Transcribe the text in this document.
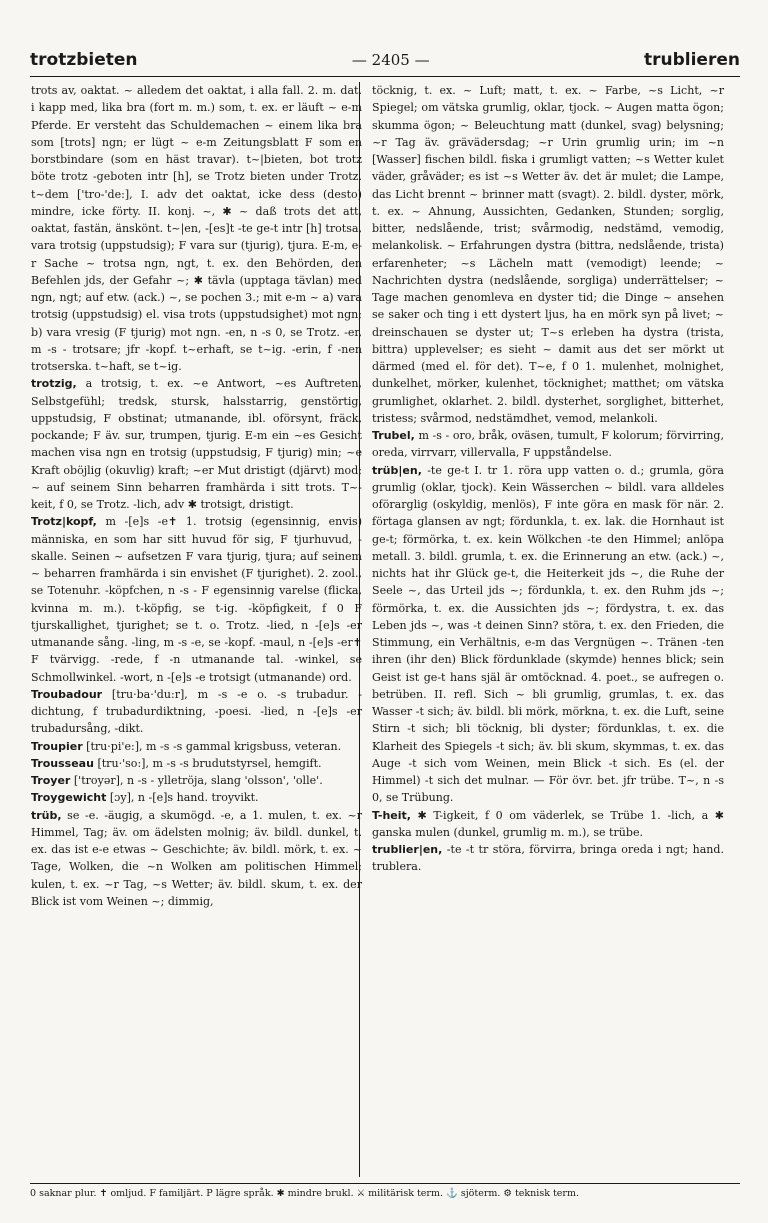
trotzbieten	— 2405 —	trublieren

trots av, oaktat. ~ alledem det oaktat, i alla fall. 2. m. dat. i kapp med, lika bra (fort m. m.) som, t. ex. er läuft ~ e-m Pferde. Er versteht das Schuldemachen ~ einem lika bra som [trots] ngn; er lügt ~ e-m Zeitungsblatt F som en borstbindare (som en häst travar). t~|bieten, bot trotz böte trotz -geboten intr [h], se Trotz bieten under Trotz. t~dem ['tro-'de:], I. adv det oaktat, icke dess (desto) mindre, icke förty. II. konj. ~, ✱ ~ daß trots det att, oaktat, fastän, änskönt. t~|en, -[es]t -te ge-t intr [h] trotsa, vara trotsig (uppstudsig); F vara sur (tjurig), tjura. E-m, e-r Sache ~ trotsa ngn, ngt, t. ex. den Behörden, den Befehlen jds, der Gefahr ~; ✱ tävla (upptaga tävlan) med ngn, ngt; auf etw. (ack.) ~, se pochen 3.; mit e-m ~ a) vara trotsig (uppstudsig) el. visa trots (uppstudsighet) mot ngn; b) vara vresig (F tjurig) mot ngn. -en, n -s 0, se Trotz. -er, m -s - trotsare; jfr -kopf. t~erhaft, se t~ig. -erin, f -nen trotserska. t~haft, se t~ig.

trotzig, a trotsig, t. ex. ~e Antwort, ~es Auftreten, Selbstgefühl; tredsk, stursk, halsstarrig, genstörtig, uppstudsig, F obstinat; utmanande, ibl. oförsynt, fräck, pockande; F äv. sur, trumpen, tjurig. E-m ein ~es Gesicht machen visa ngn en trotsig (uppstudsig, F tjurig) min; ~e Kraft oböjlig (okuvlig) kraft; ~er Mut dristigt (djärvt) mod; ~ auf seinem Sinn beharren framhärda i sitt trots. T~-keit, f 0, se Trotz. -lich, adv ✱ trotsigt, dristigt.

Trotz|kopf, m -[e]s -e✝ 1. trotsig (egensinnig, envis) människa, en som har sitt huvud för sig, F tjurhuvud, -skalle. Seinen ~ aufsetzen F vara tjurig, tjura; auf seinem ~ beharren framhärda i sin envishet (F tjurighet). 2. zool., se Totenuhr. -köpfchen, n -s - F egensinnig varelse (flicka, kvinna m. m.). t-köpfig, se t-ig. -köpfigkeit, f 0 F tjurskallighet, tjurighet; se t. o. Trotz. -lied, n -[e]s -er utmanande sång. -ling, m -s -e, se -kopf. -maul, n -[e]s -er✝ F tvärvigg. -rede, f -n utmanande tal. -winkel, se Schmollwinkel. -wort, n -[e]s -e trotsigt (utmanande) ord.

Troubadour [tru·ba·'du:r], m -s -e o. -s trubadur. -dichtung, f trubadurdiktning, -poesi. -lied, n -[e]s -er trubadursång, -dikt.

Troupier [tru·pi'e:], m -s -s gammal krigsbuss, veteran.

Trousseau [tru·'so:], m -s -s brudutstyrsel, hemgift.

Troyer ['troyər], n -s - ylletröja, slang 'olsson', 'olle'.

Troygewicht [ɔy], n -[e]s hand. troyvikt.

trüb, se -e. -äugig, a skumögd. -e, a 1. mulen, t. ex. ~r Himmel, Tag; äv. om ädelsten molnig; äv. bildl. dunkel, t. ex. das ist e-e etwas ~ Geschichte; äv. bildl. mörk, t. ex. ~ Tage, Wolken, die ~n Wolken am politischen Himmel; kulen, t. ex. ~r Tag, ~s Wetter; äv. bildl. skum, t. ex. der Blick ist vom Weinen ~; dimmig,

töcknig, t. ex. ~ Luft; matt, t. ex. ~ Farbe, ~s Licht, ~r Spiegel; om vätska grumlig, oklar, tjock. ~ Augen matta ögon; skumma ögon; ~ Beleuchtung matt (dunkel, svag) belysning; ~r Tag äv. grävädersdag; ~r Urin grumlig urin; im ~n [Wasser] fischen bildl. fiska i grumligt vatten; ~s Wetter kulet väder, gråväder; es ist ~s Wetter äv. det är mulet; die Lampe, das Licht brennt ~ brinner matt (svagt). 2. bildl. dyster, mörk, t. ex. ~ Ahnung, Aussichten, Gedanken, Stunden; sorglig, bitter, nedslående, trist; svårmodig, nedstämd, vemodig, melankolisk. ~ Erfahrungen dystra (bittra, nedslående, trista) erfarenheter; ~s Lächeln matt (vemodigt) leende; ~ Nachrichten dystra (nedslående, sorgliga) underrättelser; ~ Tage machen genomleva en dyster tid; die Dinge ~ ansehen se saker och ting i ett dystert ljus, ha en mörk syn på livet; ~ dreinschauen se dyster ut; T~s erleben ha dystra (trista, bittra) upplevelser; es sieht ~ damit aus det ser mörkt ut därmed (med el. för det). T~e, f 0 1. mulenhet, molnighet, dunkelhet, mörker, kulenhet, töcknighet; matthet; om vätska grumlighet, oklarhet. 2. bildl. dysterhet, sorglighet, bitterhet, tristess; svårmod, nedstämdhet, vemod, melankoli.

Trubel, m -s - oro, bråk, oväsen, tumult, F kolorum; förvirring, oreda, virrvarr, villervalla, F uppståndelse.

trüb|en, -te ge-t I. tr 1. röra upp vatten o. d.; grumla, göra grumlig (oklar, tjock). Kein Wässerchen ~ bildl. vara alldeles oförarglig (oskyldig, menlös), F inte göra en mask för när. 2. förtaga glansen av ngt; fördunkla, t. ex. lak. die Hornhaut ist ge-t; förmörka, t. ex. kein Wölkchen -te den Himmel; anlöpa metall. 3. bildl. grumla, t. ex. die Erinnerung an etw. (ack.) ~, nichts hat ihr Glück ge-t, die Heiterkeit jds ~, die Ruhe der Seele ~, das Urteil jds ~; fördunkla, t. ex. den Ruhm jds ~; förmörka, t. ex. die Aussichten jds ~; fördystra, t. ex. das Leben jds ~, was -t deinen Sinn? störa, t. ex. den Frieden, die Stimmung, ein Verhältnis, e-m das Vergnügen ~. Tränen -ten ihren (ihr den) Blick fördunklade (skymde) hennes blick; sein Geist ist ge-t hans själ är omtöcknad. 4. poet., se aufregen o. betrüben. II. refl. Sich ~ bli grumlig, grumlas, t. ex. das Wasser -t sich; äv. bildl. bli mörk, mörkna, t. ex. die Luft, seine Stirn -t sich; bli töcknig, bli dyster; fördunklas, t. ex. die Klarheit des Spiegels -t sich; äv. bli skum, skymmas, t. ex. das Auge -t sich vom Weinen, mein Blick -t sich. Es (el. der Himmel) -t sich det mulnar. — För övr. bet. jfr trübe. T~, n -s 0, se Trübung.

T-heit, ✱ T-igkeit, f 0 om väderlek, se Trübe 1. -lich, a ✱ ganska mulen (dunkel, grumlig m. m.), se trübe.

trublier|en, -te -t tr störa, förvirra, bringa oreda i ngt; hand. trublera.

0 saknar plur. ✝ omljud. F familjärt. P lägre språk. ✱ mindre brukl. ⚔ militärisk term. ⚓ sjöterm. ⚙ teknisk term.
